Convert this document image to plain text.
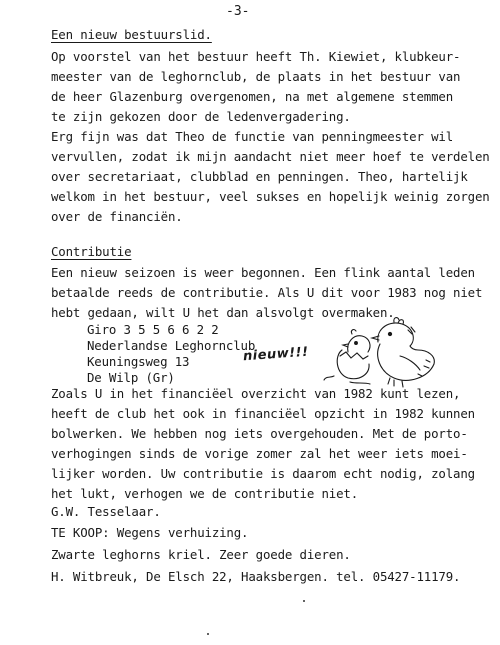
-3-
Een nieuw bestuurslid.
Op voorstel van het bestuur heeft Th. Kiewiet, klubkeur-
meester van de leghornclub, de plaats in het bestuur van
de heer Glazenburg overgenomen, na met algemene stemmen
te zijn gekozen door de ledenvergadering.
Erg fijn was dat Theo de functie van penningmeester wil
vervullen, zodat ik mijn aandacht niet meer hoef te verdelen
over secretariaat, clubblad en penningen. Theo, hartelijk
welkom in het bestuur, veel sukses en hopelijk weinig zorgen
over de financiën.
Contributie
Een nieuw seizoen is weer begonnen. Een flink aantal leden
betaalde reeds de contributie. Als U dit voor 1983 nog niet
hebt gedaan, wilt U het dan alsvolgt overmaken.
Giro 3 5 5 6 6 2 2
Nederlandse Leghornclub
Keuningsweg 13
De Wilp (Gr)
nieuw!!!
Zoals U in het financiëel overzicht van 1982 kunt lezen,
heeft de club het ook in financiëel opzicht in 1982 kunnen
bolwerken. We hebben nog iets overgehouden. Met de porto-
verhogingen sinds de vorige zomer zal het weer iets moei-
lijker worden. Uw contributie is daarom echt nodig, zolang
het lukt, verhogen we de contributie niet.
G.W. Tesselaar.
TE KOOP: Wegens verhuizing.
Zwarte leghorns kriel. Zeer goede dieren.
H. Witbreuk, De Elsch 22, Haaksbergen. tel. 05427-11179.
